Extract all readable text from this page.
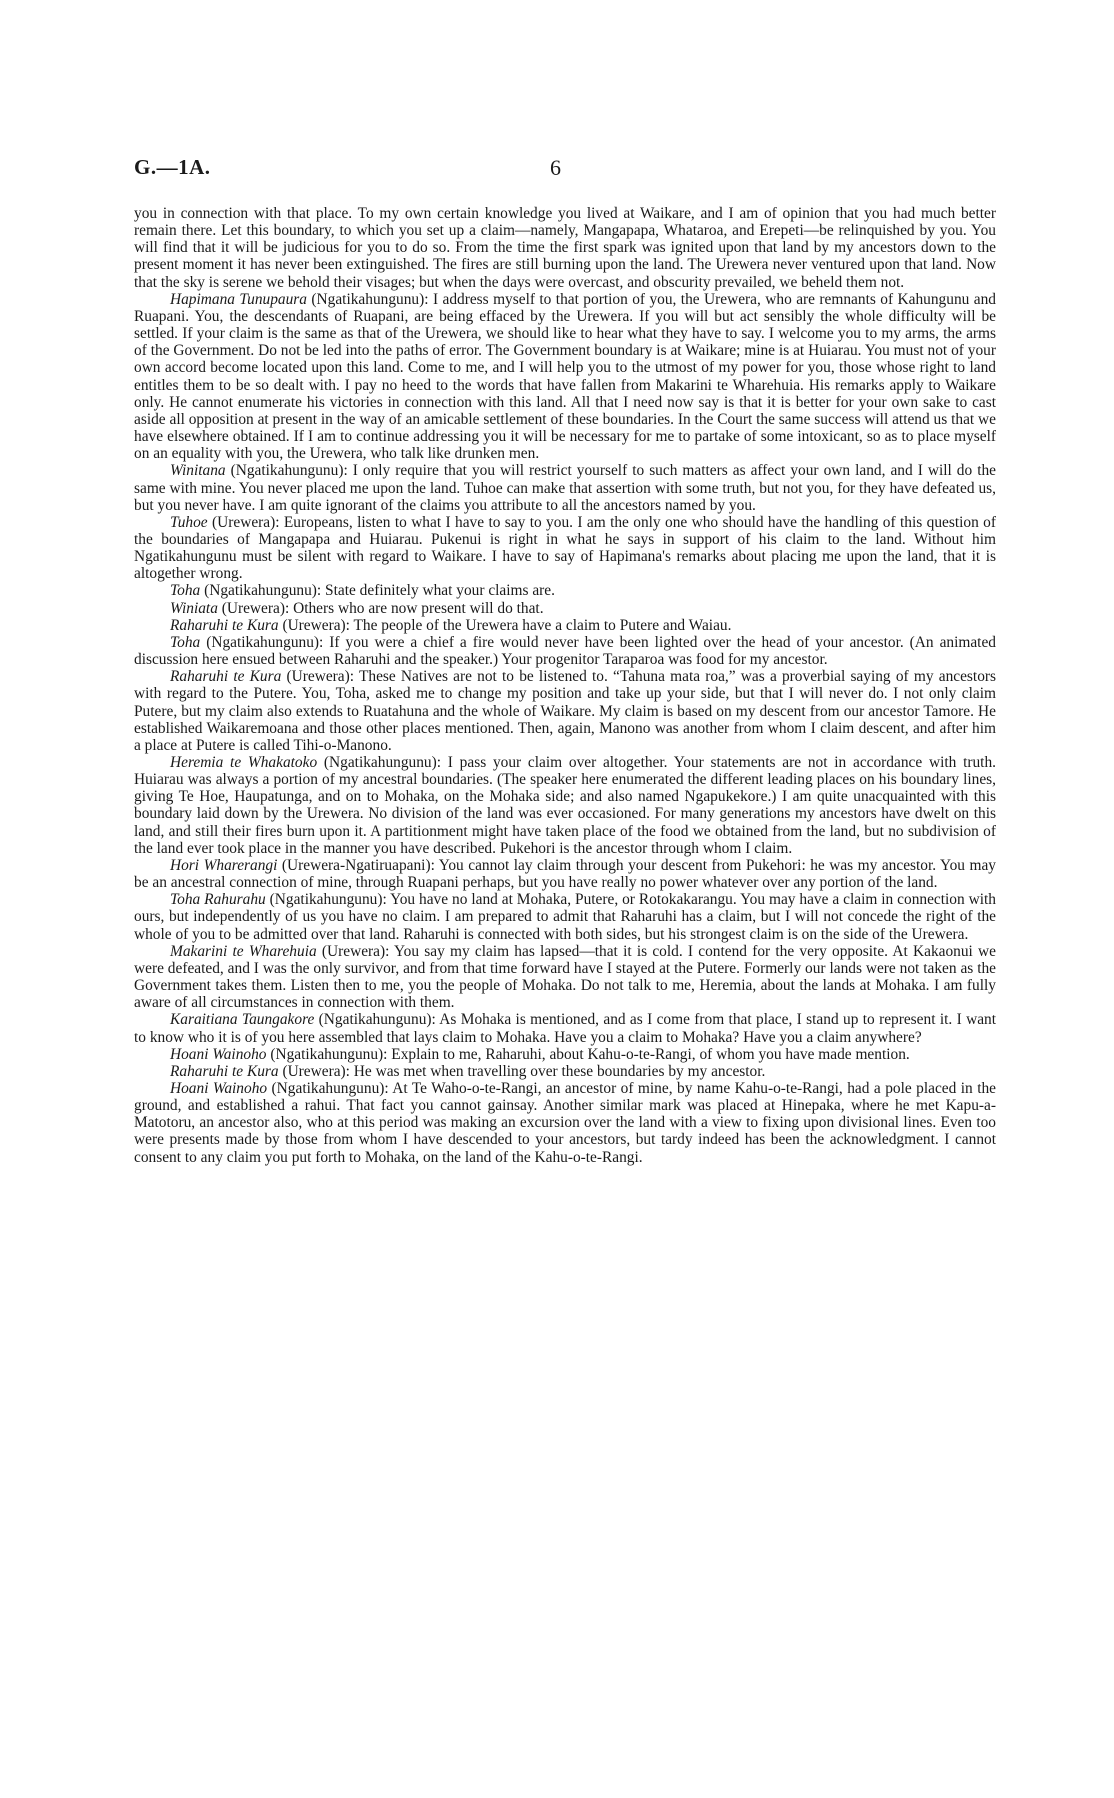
G.—1A.	6

you in connection with that place. To my own certain knowledge you lived at Waikare, and I am of opinion that you had much better remain there. Let this boundary, to which you set up a claim—namely, Mangapapa, Whataroa, and Erepeti—be relinquished by you. You will find that it will be judicious for you to do so. From the time the first spark was ignited upon that land by my ancestors down to the present moment it has never been extinguished. The fires are still burning upon the land. The Urewera never ventured upon that land. Now that the sky is serene we behold their visages; but when the days were overcast, and obscurity prevailed, we beheld them not.

Hapimana Tunupaura (Ngatikahungunu): I address myself to that portion of you, the Urewera, who are remnants of Kahungunu and Ruapani. You, the descendants of Ruapani, are being effaced by the Urewera. If you will but act sensibly the whole difficulty will be settled. If your claim is the same as that of the Urewera, we should like to hear what they have to say. I welcome you to my arms, the arms of the Government. Do not be led into the paths of error. The Government boundary is at Waikare; mine is at Huiarau. You must not of your own accord become located upon this land. Come to me, and I will help you to the utmost of my power for you, those whose right to land entitles them to be so dealt with. I pay no heed to the words that have fallen from Makarini te Wharehuia. His remarks apply to Waikare only. He cannot enumerate his victories in connection with this land. All that I need now say is that it is better for your own sake to cast aside all opposition at present in the way of an amicable settlement of these boundaries. In the Court the same success will attend us that we have elsewhere obtained. If I am to continue addressing you it will be necessary for me to partake of some intoxicant, so as to place myself on an equality with you, the Urewera, who talk like drunken men.

Winitana (Ngatikahungunu): I only require that you will restrict yourself to such matters as affect your own land, and I will do the same with mine. You never placed me upon the land. Tuhoe can make that assertion with some truth, but not you, for they have defeated us, but you never have. I am quite ignorant of the claims you attribute to all the ancestors named by you.

Tuhoe (Urewera): Europeans, listen to what I have to say to you. I am the only one who should have the handling of this question of the boundaries of Mangapapa and Huiarau. Pukenui is right in what he says in support of his claim to the land. Without him Ngatikahungunu must be silent with regard to Waikare. I have to say of Hapimana's remarks about placing me upon the land, that it is altogether wrong.

Toha (Ngatikahungunu): State definitely what your claims are.

Winiata (Urewera): Others who are now present will do that.

Raharuhi te Kura (Urewera): The people of the Urewera have a claim to Putere and Waiau.

Toha (Ngatikahungunu): If you were a chief a fire would never have been lighted over the head of your ancestor. (An animated discussion here ensued between Raharuhi and the speaker.) Your progenitor Taraparoa was food for my ancestor.

Raharuhi te Kura (Urewera): These Natives are not to be listened to. “Tahuna mata roa,” was a proverbial saying of my ancestors with regard to the Putere. You, Toha, asked me to change my position and take up your side, but that I will never do. I not only claim Putere, but my claim also extends to Ruatahuna and the whole of Waikare. My claim is based on my descent from our ancestor Tamore. He established Waikaremoana and those other places mentioned. Then, again, Manono was another from whom I claim descent, and after him a place at Putere is called Tihi-o-Manono.

Heremia te Whakatoko (Ngatikahungunu): I pass your claim over altogether. Your statements are not in accordance with truth. Huiarau was always a portion of my ancestral boundaries. (The speaker here enumerated the different leading places on his boundary lines, giving Te Hoe, Haupatunga, and on to Mohaka, on the Mohaka side; and also named Ngapukekore.) I am quite unacquainted with this boundary laid down by the Urewera. No division of the land was ever occasioned. For many generations my ancestors have dwelt on this land, and still their fires burn upon it. A partitionment might have taken place of the food we obtained from the land, but no subdivision of the land ever took place in the manner you have described. Pukehori is the ancestor through whom I claim.

Hori Wharerangi (Urewera-Ngatiruapani): You cannot lay claim through your descent from Pukehori: he was my ancestor. You may be an ancestral connection of mine, through Ruapani perhaps, but you have really no power whatever over any portion of the land.

Toha Rahurahu (Ngatikahungunu): You have no land at Mohaka, Putere, or Rotokakarangu. You may have a claim in connection with ours, but independently of us you have no claim. I am prepared to admit that Raharuhi has a claim, but I will not concede the right of the whole of you to be admitted over that land. Raharuhi is connected with both sides, but his strongest claim is on the side of the Urewera.

Makarini te Wharehuia (Urewera): You say my claim has lapsed—that it is cold. I contend for the very opposite. At Kakaonui we were defeated, and I was the only survivor, and from that time forward have I stayed at the Putere. Formerly our lands were not taken as the Government takes them. Listen then to me, you the people of Mohaka. Do not talk to me, Heremia, about the lands at Mohaka. I am fully aware of all circumstances in connection with them.

Karaitiana Taungakore (Ngatikahungunu): As Mohaka is mentioned, and as I come from that place, I stand up to represent it. I want to know who it is of you here assembled that lays claim to Mohaka. Have you a claim to Mohaka? Have you a claim anywhere?

Hoani Wainoho (Ngatikahungunu): Explain to me, Raharuhi, about Kahu-o-te-Rangi, of whom you have made mention.

Raharuhi te Kura (Urewera): He was met when travelling over these boundaries by my ancestor.

Hoani Wainoho (Ngatikahungunu): At Te Waho-o-te-Rangi, an ancestor of mine, by name Kahu-o-te-Rangi, had a pole placed in the ground, and established a rahui. That fact you cannot gainsay. Another similar mark was placed at Hinepaka, where he met Kapu-a-Matotoru, an ancestor also, who at this period was making an excursion over the land with a view to fixing upon divisional lines. Even too were presents made by those from whom I have descended to your ancestors, but tardy indeed has been the acknowledgment. I cannot consent to any claim you put forth to Mohaka, on the land of the Kahu-o-te-Rangi.
